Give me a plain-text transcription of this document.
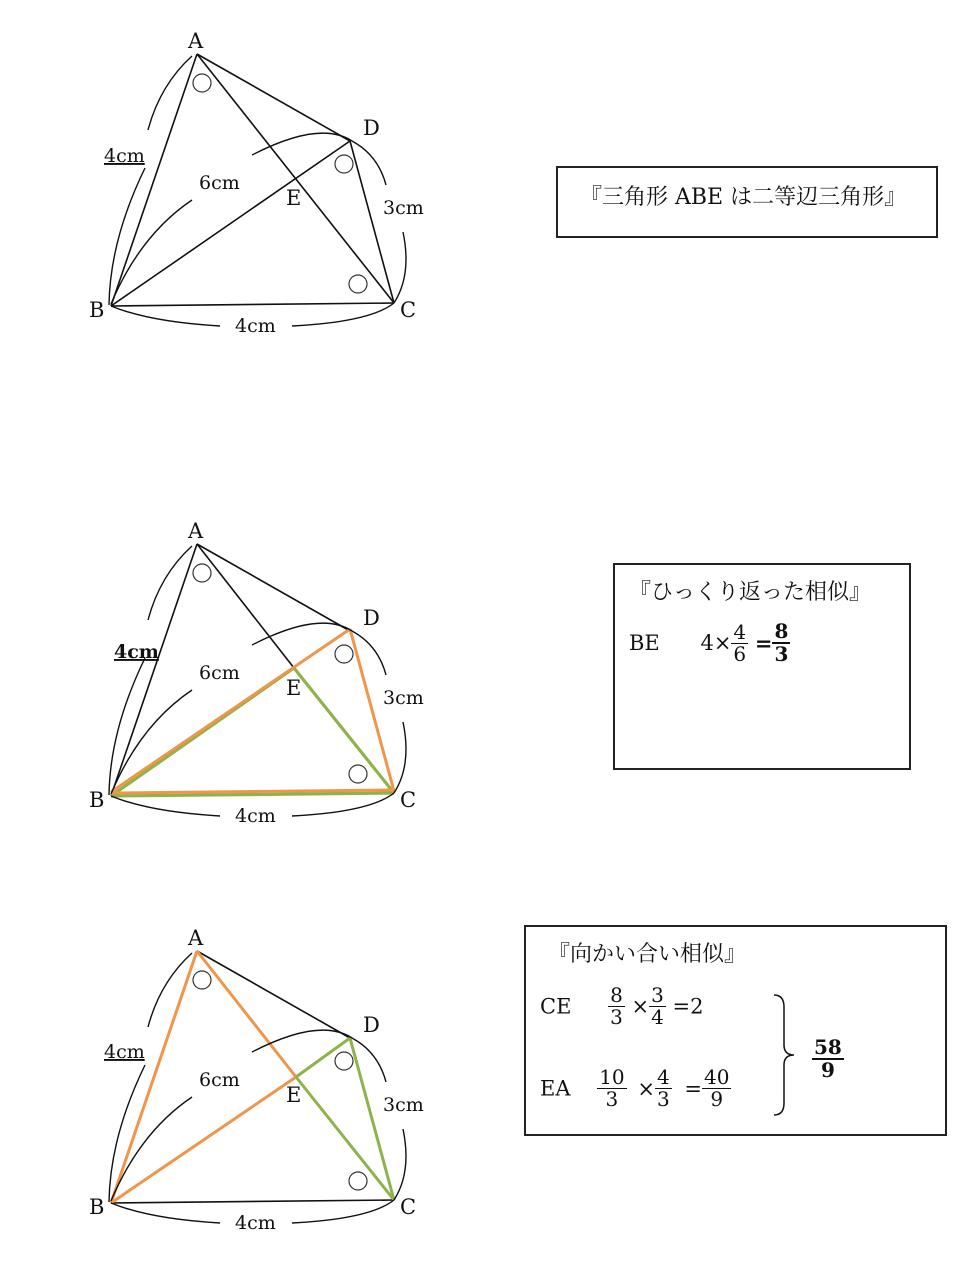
A
D
E
B	C
4cm
6cm
3cm
4cm
『三角形 ABE は二等辺三角形』
A
D
E
B	C
4cm
6cm
3cm
4cm
『ひっくり返った相似』
BE $4\times \frac{4}{6} = \frac{8}{3}$
A
D
E
B	C
4cm
6cm
3cm
4cm
『向かい合い相似』
CE $\frac{8}{3} \times \frac{3}{4} =2$
EA $\frac{10}{3} \times \frac{4}{3} = \frac{40}{9}$
$\frac{58}{9}$
